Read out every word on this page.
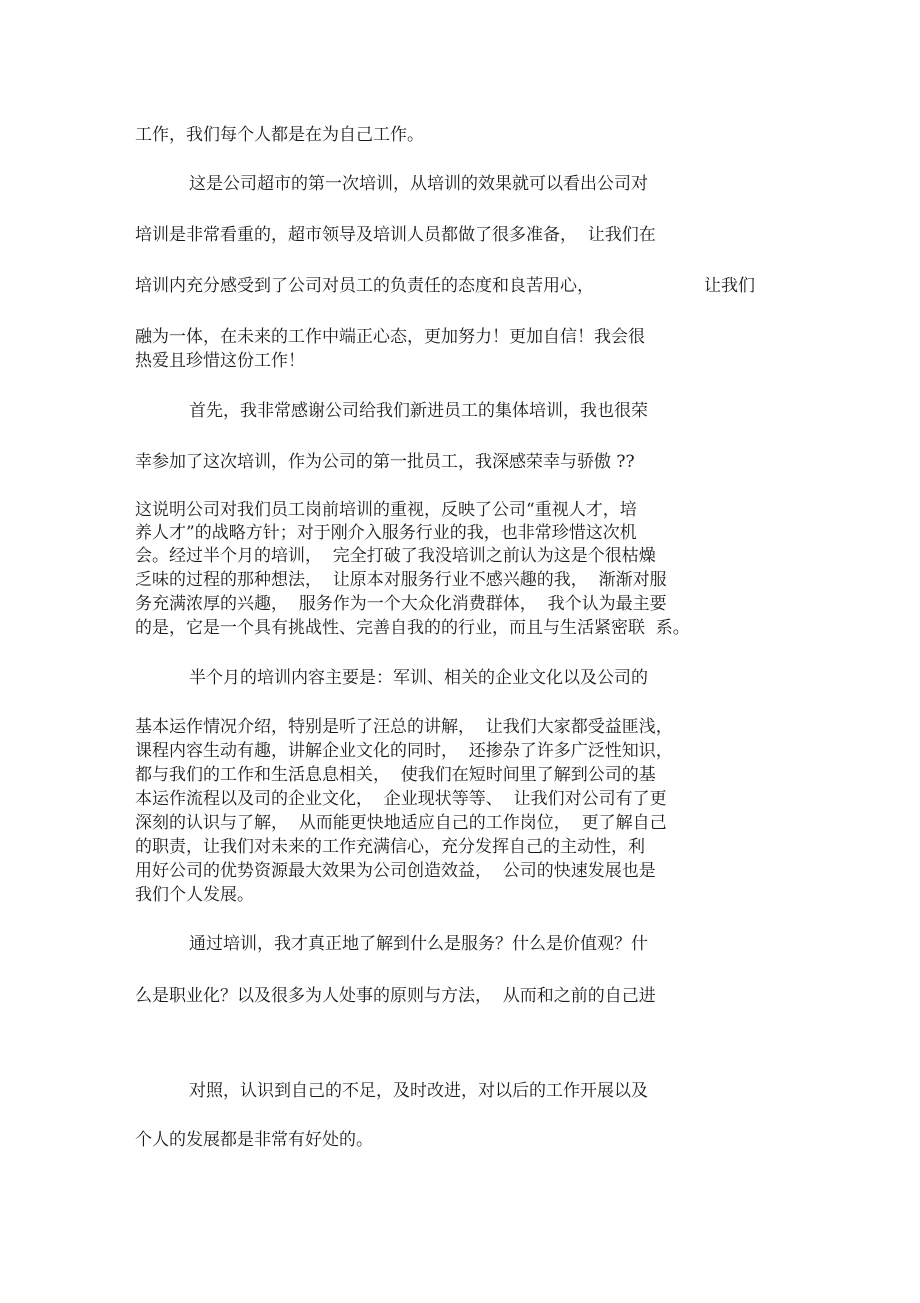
工作，我们每个人都是在为自己工作。

这是公司超市的第一次培训，从培训的效果就可以看出公司对

培训是非常看重的，超市领导及培训人员都做了很多准备，  让我们在

培训内充分感受到了公司对员工的负责任的态度和良苦用心，	让我们

融为一体，在未来的工作中端正心态，更加努力！更加自信！我会很

热爱且珍惜这份工作！

首先，我非常感谢公司给我们新进员工的集体培训，我也很荣

幸参加了这次培训，作为公司的第一批员工，我深感荣幸与骄傲 ??

这说明公司对我们员工岗前培训的重视，反映了公司“重视人才，培

养人才”的战略方针；对于刚介入服务行业的我，也非常珍惜这次机

会。经过半个月的培训，  完全打破了我没培训之前认为这是个很枯燥

乏味的过程的那种想法，  让原本对服务行业不感兴趣的我，  渐渐对服

务充满浓厚的兴趣，  服务作为一个大众化消费群体，  我个认为最主要

的是，它是一个具有挑战性、完善自我的的行业，而且与生活紧密联  系。

半个月的培训内容主要是：军训、相关的企业文化以及公司的

基本运作情况介绍，特别是听了汪总的讲解，  让我们大家都受益匪浅，

课程内容生动有趣，讲解企业文化的同时，  还掺杂了许多广泛性知识，

都与我们的工作和生活息息相关，  使我们在短时间里了解到公司的基

本运作流程以及司的企业文化，  企业现状等等、  让我们对公司有了更

深刻的认识与了解，  从而能更快地适应自己的工作岗位，  更了解自己

的职责，让我们对未来的工作充满信心，充分发挥自己的主动性，利

用好公司的优势资源最大效果为公司创造效益，  公司的快速发展也是

我们个人发展。

通过培训，我才真正地了解到什么是服务？什么是价值观？什

么是职业化？以及很多为人处事的原则与方法，  从而和之前的自己进

对照，认识到自己的不足，及时改进，对以后的工作开展以及

个人的发展都是非常有好处的。
